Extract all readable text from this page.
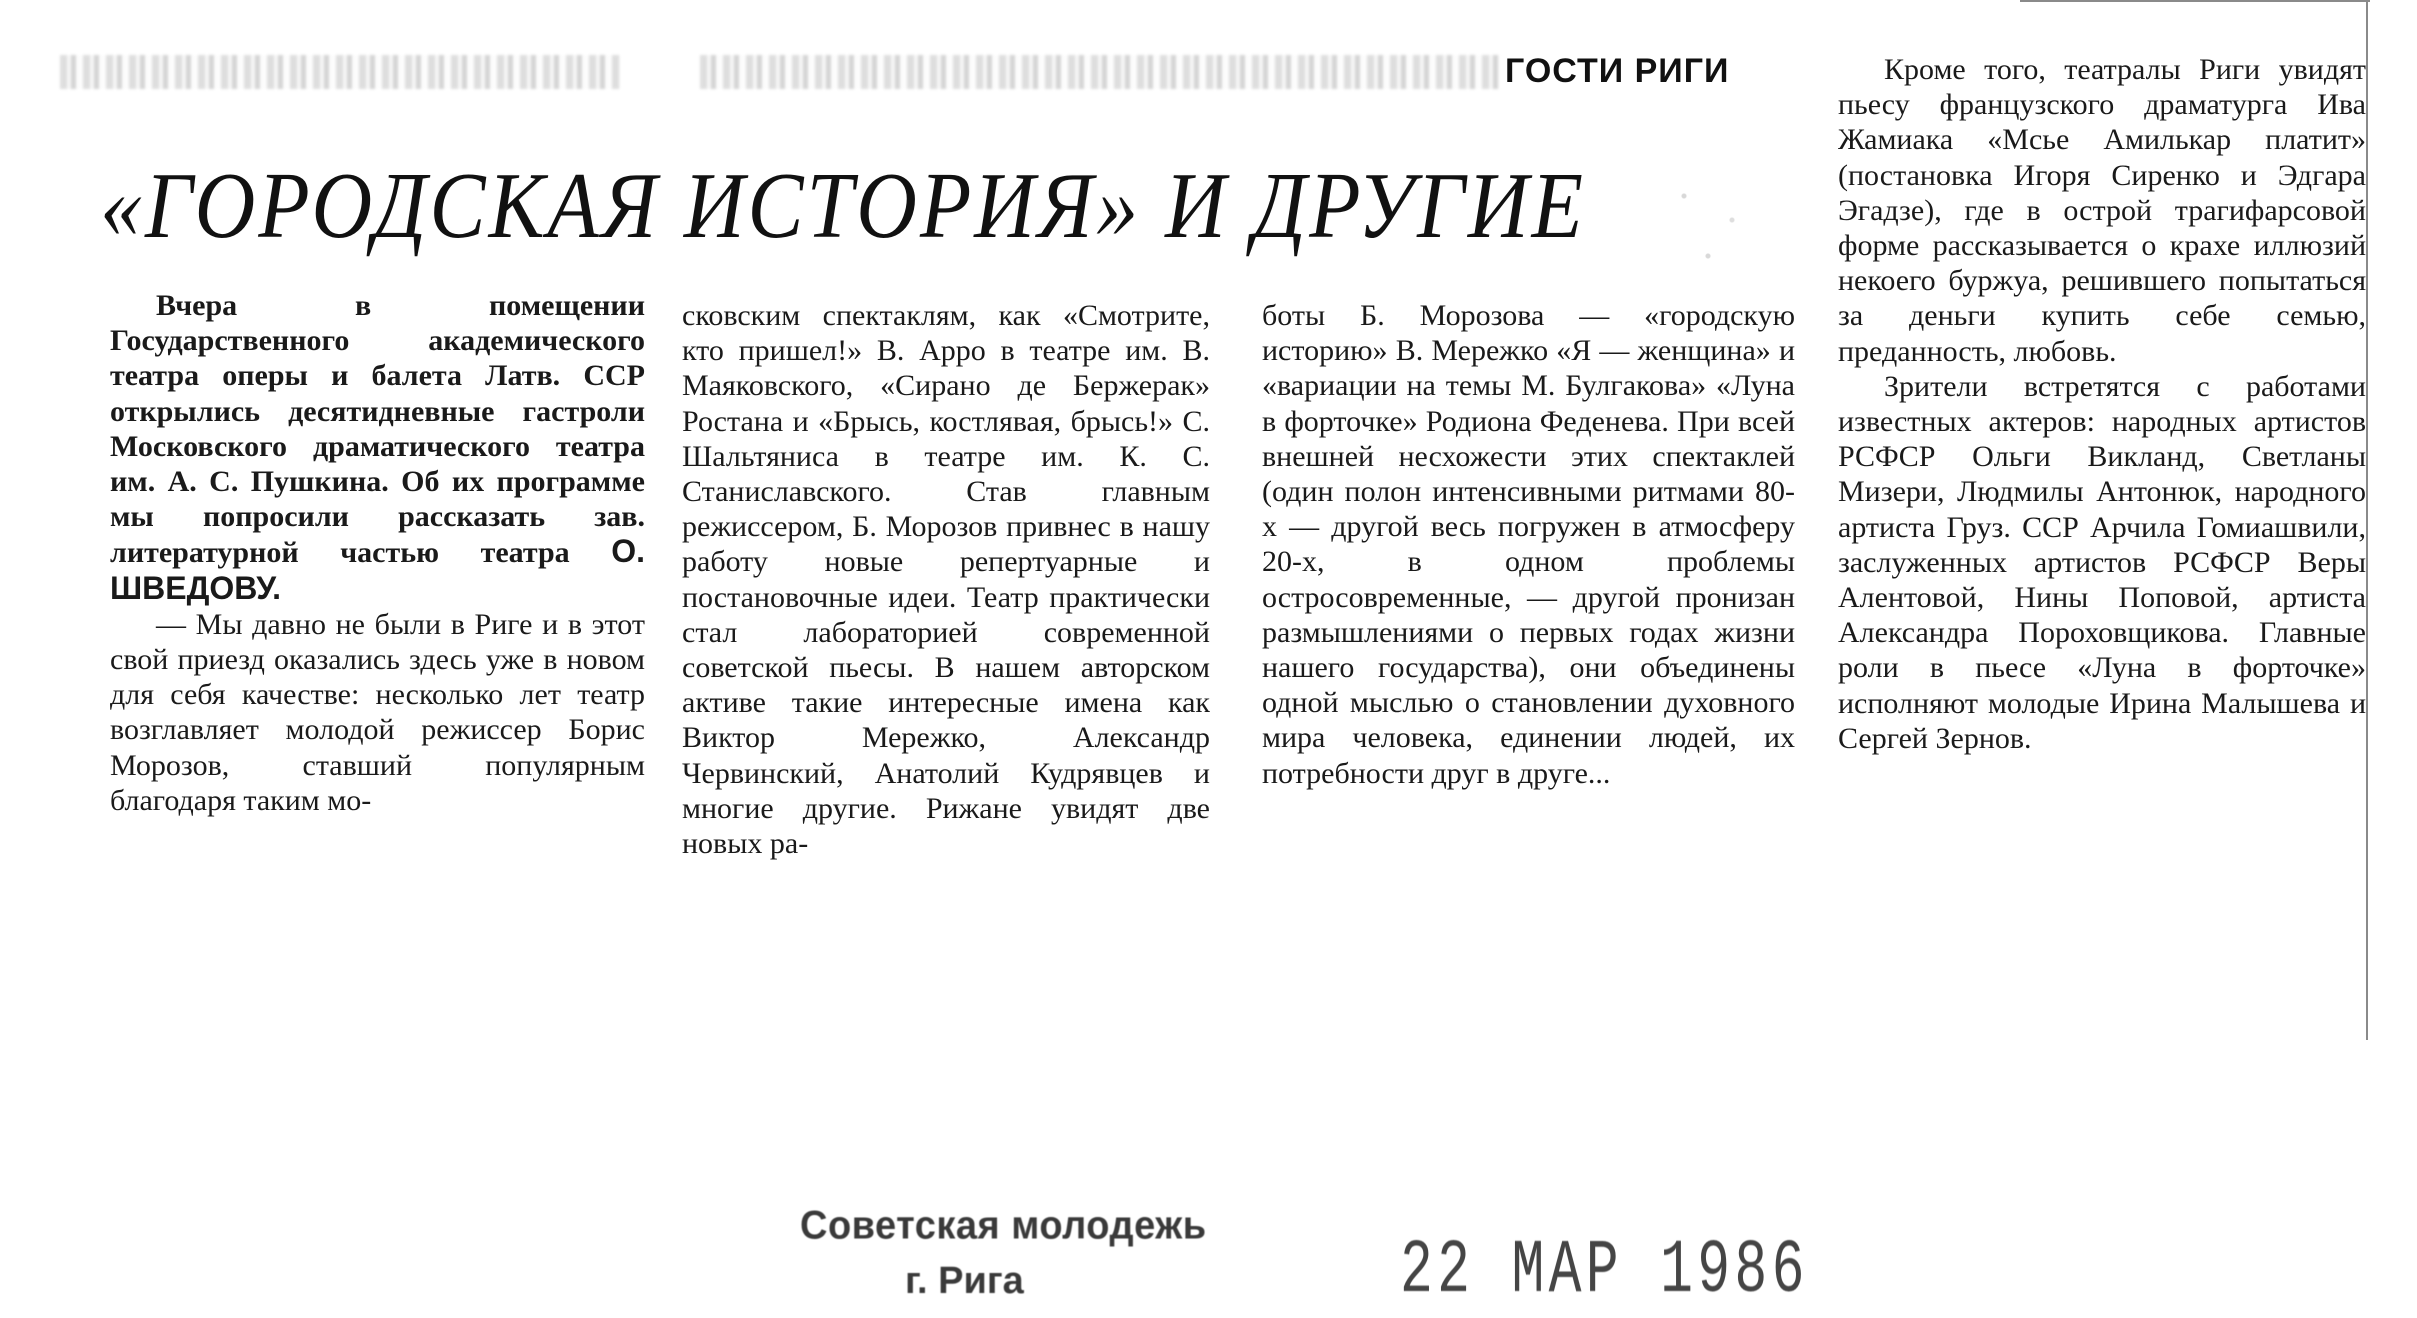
ГОСТИ РИГИ
«ГОРОДСКАЯ ИСТОРИЯ» И ДРУГИЕ

Вчера в помещении Государственного академического театра оперы и балета Латв. ССР открылись десятидневные гастроли Московского драматического театра им. А. С. Пушкина. Об их программе мы попросили рассказать зав. литературной частью театра О. ШВЕДОВУ.

— Мы давно не были в Риге и в этот свой приезд оказались здесь уже в новом для себя качестве: несколько лет театр возглавляет молодой режиссер Борис Морозов, ставший популярным благодаря таким мо-

сковским спектаклям, как «Смотрите, кто пришел!» В. Арро в театре им. В. Маяковского, «Сирано де Бержерак» Ростана и «Брысь, костлявая, брысь!» С. Шальтяниса в театре им. К. С. Станиславского. Став главным режиссером, Б. Морозов привнес в нашу работу новые репертуарные и постановочные идеи. Театр практически стал лабораторией современной советской пьесы. В нашем авторском активе такие интересные имена как Виктор Мережко, Александр Червинский, Анатолий Кудрявцев и многие другие. Рижане увидят две новых ра-

боты Б. Морозова — «городскую историю» В. Мережко «Я — женщина» и «вариации на темы М. Булгакова» «Луна в форточке» Родиона Феденева. При всей внешней несхожести этих спектаклей (один полон интенсивными ритмами 80-х — другой весь погружен в атмосферу 20-х, в одном проблемы остросовременные, — другой пронизан размышлениями о первых годах жизни нашего государства), они объединены одной мыслью о становлении духовного мира человека, единении людей, их потребности друг в друге...

Кроме того, театралы Риги увидят пьесу французского драматурга Ива Жамиака «Мсье Амилькар платит» (постановка Игоря Сиренко и Эдгара Эгадзе), где в острой трагифарсовой форме рассказывается о крахе иллюзий некоего буржуа, решившего попытаться за деньги купить себе семью, преданность, любовь.

Зрители встретятся с работами известных актеров: народных артистов РСФСР Ольги Викланд, Светланы Мизери, Людмилы Антонюк, народного артиста Груз. ССР Арчила Гомиашвили, заслуженных артистов РСФСР Веры Алентовой, Нины Поповой, артиста Александра Пороховщикова. Главные роли в пьесе «Луна в форточке» исполняют молодые Ирина Малышева и Сергей Зернов.

Советская молодежь
г. Рига	22 МАР 1986
